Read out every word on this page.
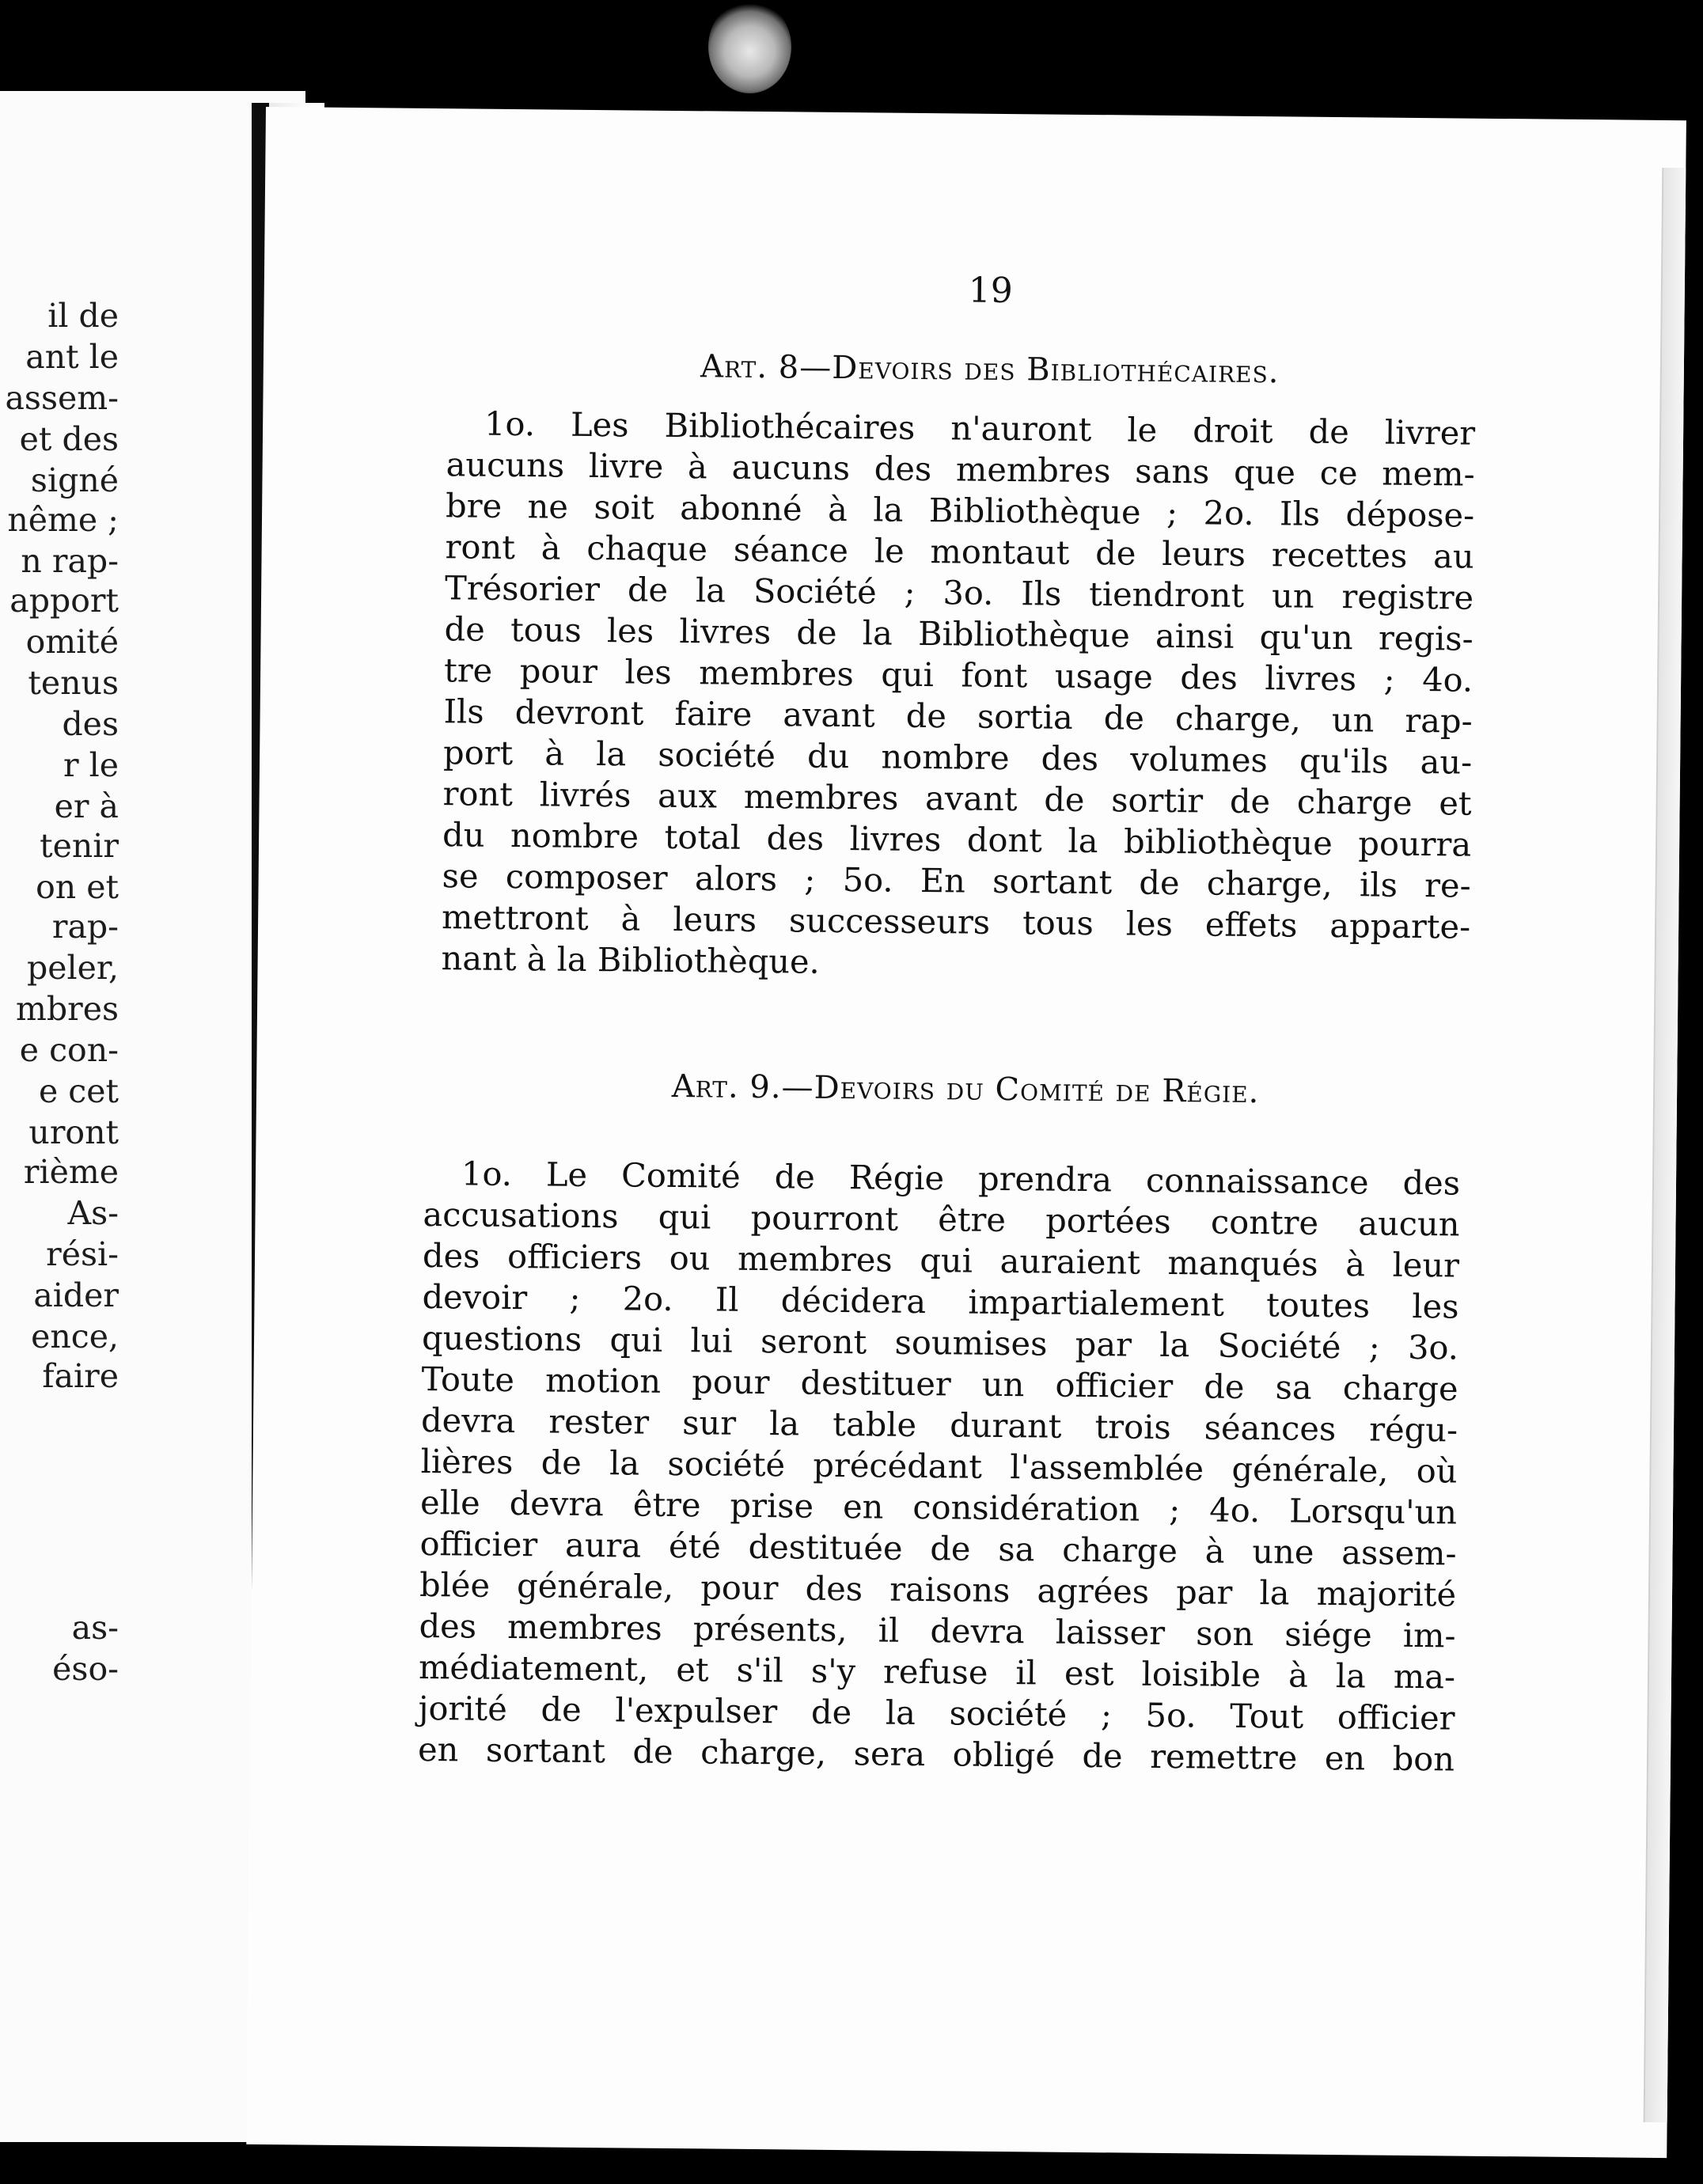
il de
ant le
assem-
et des
signé
nême ;
n rap-
apport
omité
tenus
des
r le
er à
tenir
on et
rap-
peler,
mbres
e con-
e cet
uront
rième
As-
rési-
aider
ence,
faire
as-
éso-
19
Art. 8—Devoirs des Bibliothécaires.
1o. Les Bibliothécaires n'auront le droit de livrer
aucuns livre à aucuns des membres sans que ce mem-
bre ne soit abonné à la Bibliothèque ; 2o. Ils dépose-
ront à chaque séance le montaut de leurs recettes au
Trésorier de la Société ; 3o. Ils tiendront un registre
de tous les livres de la Bibliothèque ainsi qu'un regis-
tre pour les membres qui font usage des livres ; 4o.
Ils devront faire avant de sortia de charge, un rap-
port à la société du nombre des volumes qu'ils au-
ront livrés aux membres avant de sortir de charge et
du nombre total des livres dont la bibliothèque pourra
se composer alors ; 5o. En sortant de charge, ils re-
mettront à leurs successeurs tous les effets apparte-
nant à la Bibliothèque.
Art. 9.—Devoirs du Comité de Régie.
1o. Le Comité de Régie prendra connaissance des
accusations qui pourront être portées contre aucun
des officiers ou membres qui auraient manqués à leur
devoir ; 2o. Il décidera impartialement toutes les
questions qui lui seront soumises par la Société ; 3o.
Toute motion pour destituer un officier de sa charge
devra rester sur la table durant trois séances régu-
lières de la société précédant l'assemblée générale, où
elle devra être prise en considération ; 4o. Lorsqu'un
officier aura été destituée de sa charge à une assem-
blée générale, pour des raisons agrées par la majorité
des membres présents, il devra laisser son siége im-
médiatement, et s'il s'y refuse il est loisible à la ma-
jorité de l'expulser de la société ; 5o. Tout officier
en sortant de charge, sera obligé de remettre en bon
